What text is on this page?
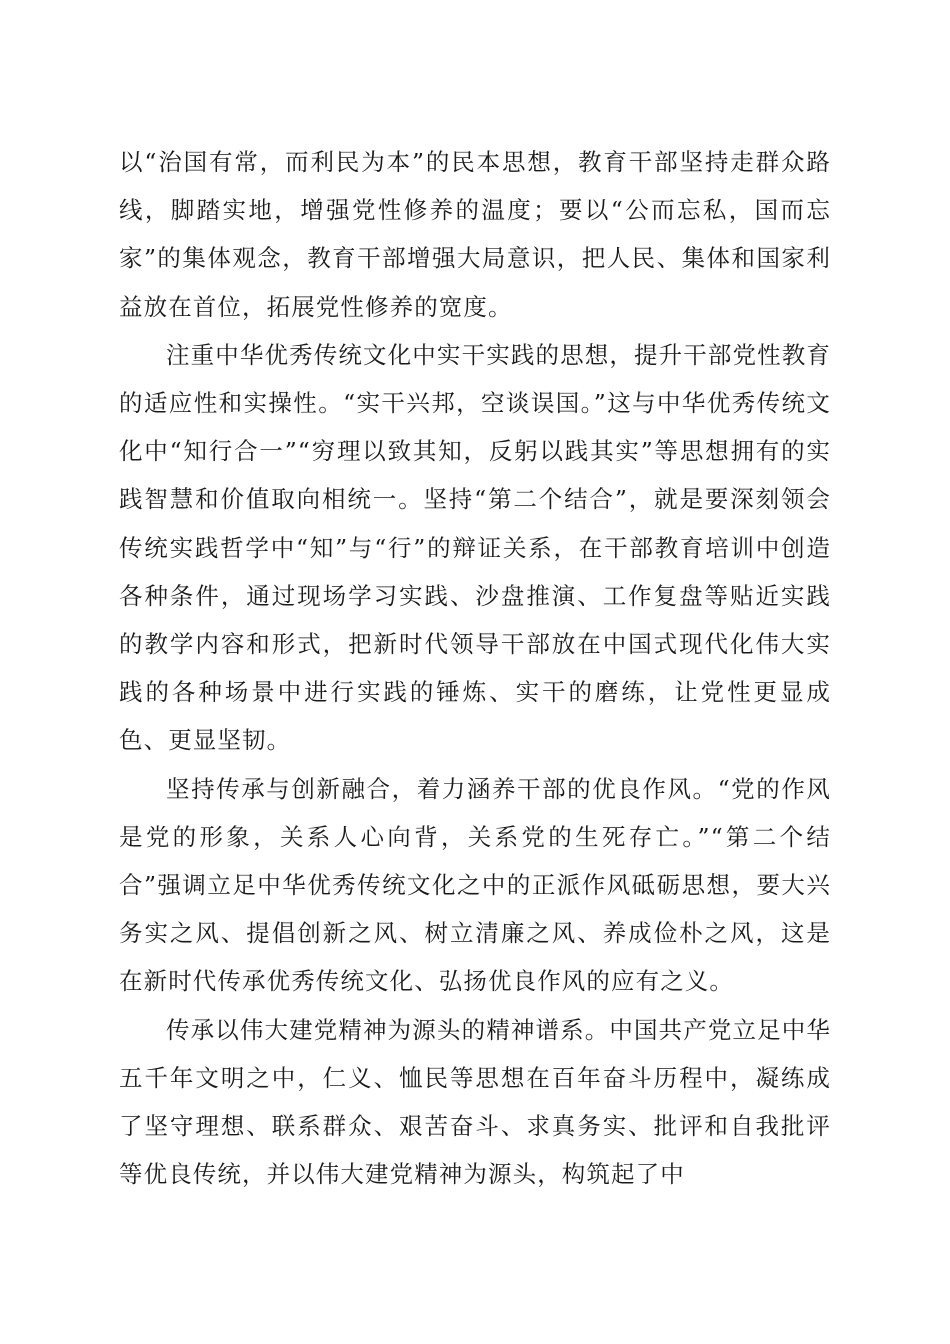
以“治国有常，而利民为本”的民本思想，教育干部坚持走群众路线，脚踏实地，增强党性修养的温度；要以“公而忘私，国而忘家”的集体观念，教育干部增强大局意识，把人民、集体和国家利益放在首位，拓展党性修养的宽度。

注重中华优秀传统文化中实干实践的思想，提升干部党性教育的适应性和实操性。“实干兴邦，空谈误国。”这与中华优秀传统文化中“知行合一”“穷理以致其知，反躬以践其实”等思想拥有的实践智慧和价值取向相统一。坚持“第二个结合”，就是要深刻领会传统实践哲学中“知”与“行”的辩证关系，在干部教育培训中创造各种条件，通过现场学习实践、沙盘推演、工作复盘等贴近实践的教学内容和形式，把新时代领导干部放在中国式现代化伟大实践的各种场景中进行实践的锤炼、实干的磨练，让党性更显成色、更显坚韧。

坚持传承与创新融合，着力涵养干部的优良作风。“党的作风是党的形象，关系人心向背，关系党的生死存亡。”“第二个结合”强调立足中华优秀传统文化之中的正派作风砥砺思想，要大兴务实之风、提倡创新之风、树立清廉之风、养成俭朴之风，这是在新时代传承优秀传统文化、弘扬优良作风的应有之义。

传承以伟大建党精神为源头的精神谱系。中国共产党立足中华五千年文明之中，仁义、恤民等思想在百年奋斗历程中，凝练成了坚守理想、联系群众、艰苦奋斗、求真务实、批评和自我批评等优良传统，并以伟大建党精神为源头，构筑起了中
